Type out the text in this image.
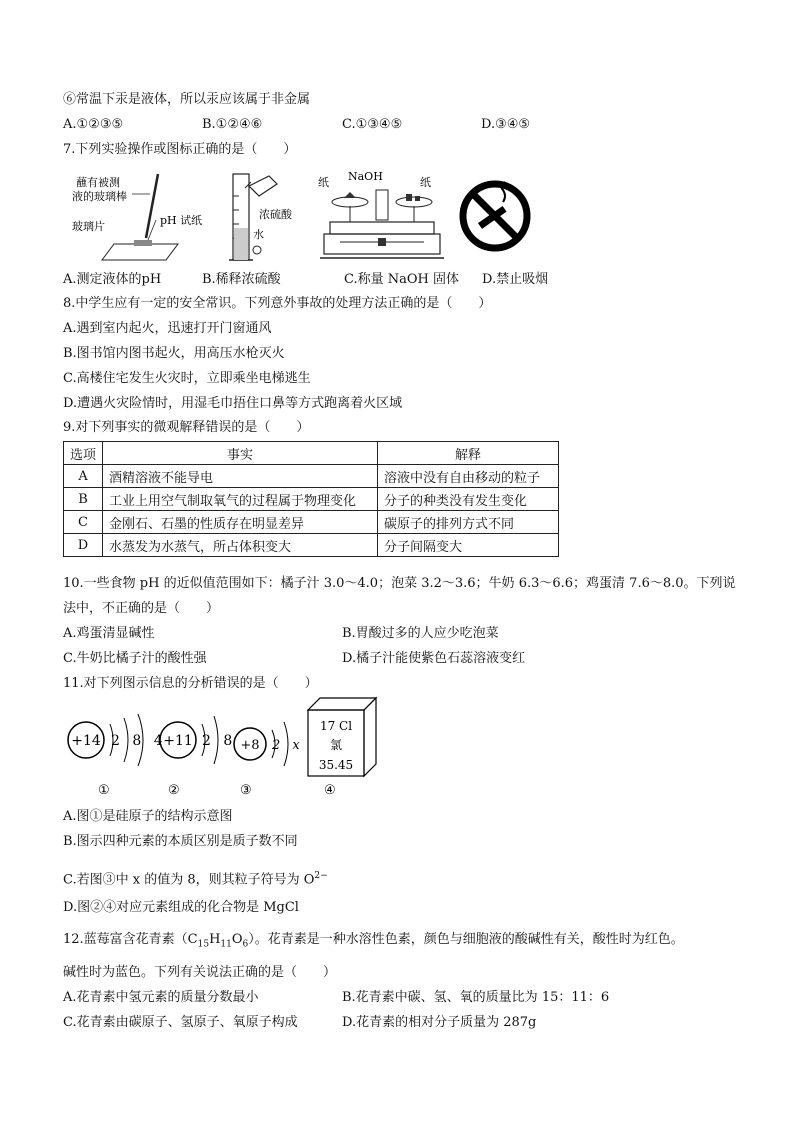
⑥常温下汞是液体，所以汞应该属于非金属
A.①②③⑤	B.①②④⑥	C.①③④⑤	D.③④⑤
7.下列实验操作或图标正确的是（　　）
蘸有被测
液的玻璃棒
玻璃片	pH 试纸	浓硫酸
水
NaOH
纸	纸
A.测定液体的pH	B.稀释浓硫酸	C.称量 NaOH 固体 D.禁止吸烟
8.中学生应有一定的安全常识。下列意外事故的处理方法正确的是（　　）
A.遇到室内起火，迅速打开门窗通风
B.图书馆内图书起火，用高压水枪灭火
C.高楼住宅发生火灾时，立即乘坐电梯逃生
D.遭遇火灾险情时，用湿毛巾捂住口鼻等方式跑离着火区域
9.对下列事实的微观解释错误的是（　　）
选项	事实	解释
A	酒精溶液不能导电	溶液中没有自由移动的粒子
B	工业上用空气制取氧气的过程属于物理变化	分子的种类没有发生变化
C	金刚石、石墨的性质存在明显差异	碳原子的排列方式不同
D	水蒸发为水蒸气，所占体积变大	分子间隔变大
10.一些食物 pH 的近似值范围如下：橘子汁 3.0～4.0；泡菜 3.2～3.6；牛奶 6.3～6.6；鸡蛋清 7.6～8.0。下列说
法中，不正确的是（　　）
A.鸡蛋清显碱性	B.胃酸过多的人应少吃泡菜
C.牛奶比橘子汁的酸性强	D.橘子汁能使紫色石蕊溶液变红
11.对下列图示信息的分析错误的是（　　）
+14 2 8 4
①
+11 2 8
②
+8 2 x
③
17 Cl
氯
35.45
④
A.图①是硅原子的结构示意图
B.图示四种元素的本质区别是质子数不同
C.若图③中 x 的值为 8，则其粒子符号为 $O^{2-}$
D.图②④对应元素组成的化合物是 MgCl
12.蓝莓富含花青素$(C_{15}H_{11}O_6)$。花青素是一种水溶性色素，颜色与细胞液的酸碱性有关，酸性时为红色。
碱性时为蓝色。下列有关说法正确的是（　　）
A.花青素中氢元素的质量分数最小	B.花青素中碳、氢、氧的质量比为 15：11：6
C.花青素由碳原子、氢原子、氧原子构成	D.花青素的相对分子质量为 287g
